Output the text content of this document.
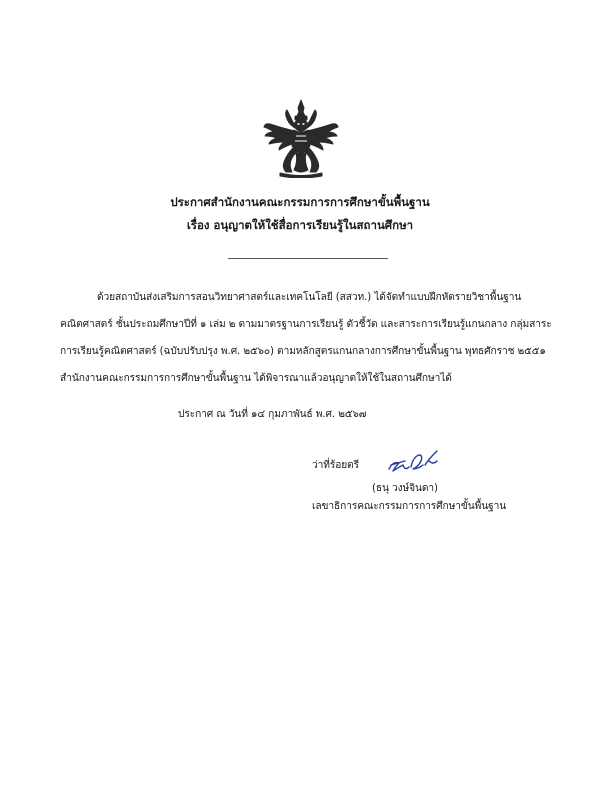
ประกาศสำนักงานคณะกรรมการการศึกษาขั้นพื้นฐาน
เรื่อง อนุญาตให้ใช้สื่อการเรียนรู้ในสถานศึกษา
ด้วยสถาบันส่งเสริมการสอนวิทยาศาสตร์และเทคโนโลยี (สสวท.) ได้จัดทำแบบฝึกหัดรายวิชาพื้นฐาน
คณิตศาสตร์ ชั้นประถมศึกษาปีที่ ๑ เล่ม ๒ ตามมาตรฐานการเรียนรู้ ตัวชี้วัด และสาระการเรียนรู้แกนกลาง กลุ่มสาระ
การเรียนรู้คณิตศาสตร์ (ฉบับปรับปรุง พ.ศ. ๒๕๖๐) ตามหลักสูตรแกนกลางการศึกษาขั้นพื้นฐาน พุทธศักราช ๒๕๕๑
สำนักงานคณะกรรมการการศึกษาขั้นพื้นฐาน ได้พิจารณาแล้วอนุญาตให้ใช้ในสถานศึกษาได้
ประกาศ ณ วันที่ ๑๔ กุมภาพันธ์ พ.ศ. ๒๕๖๗
ว่าที่ร้อยตรี
(ธนุ วงษ์จินดา)
เลขาธิการคณะกรรมการการศึกษาขั้นพื้นฐาน
